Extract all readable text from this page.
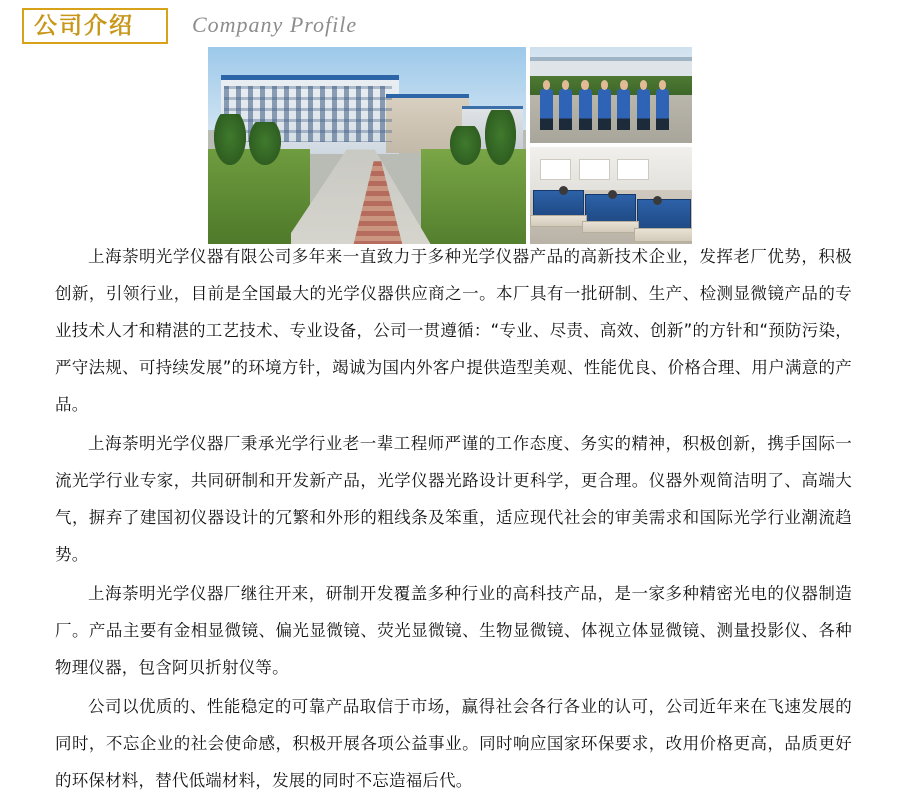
公司介绍	Company Profile

上海荼明光学仪器有限公司多年来一直致力于多种光学仪器产品的高新技术企业，发挥老厂优势，积极创新，引领行业，目前是全国最大的光学仪器供应商之一。本厂具有一批研制、生产、检测显微镜产品的专业技术人才和精湛的工艺技术、专业设备，公司一贯遵循：“专业、尽责、高效、创新”的方针和“预防污染，严守法规、可持续发展”的环境方针，竭诚为国内外客户提供造型美观、性能优良、价格合理、用户满意的产品。

上海荼明光学仪器厂秉承光学行业老一辈工程师严谨的工作态度、务实的精神，积极创新，携手国际一流光学行业专家，共同研制和开发新产品，光学仪器光路设计更科学，更合理。仪器外观简洁明了、高端大气，摒弃了建国初仪器设计的冗繁和外形的粗线条及笨重，适应现代社会的审美需求和国际光学行业潮流趋势。

上海荼明光学仪器厂继往开来，研制开发覆盖多种行业的高科技产品，是一家多种精密光电的仪器制造厂。产品主要有金相显微镜、偏光显微镜、荧光显微镜、生物显微镜、体视立体显微镜、测量投影仪、各种物理仪器，包含阿贝折射仪等。

公司以优质的、性能稳定的可靠产品取信于市场，赢得社会各行各业的认可，公司近年来在飞速发展的同时，不忘企业的社会使命感，积极开展各项公益事业。同时响应国家环保要求，改用价格更高，品质更好的环保材料，替代低端材料，发展的同时不忘造福后代。
